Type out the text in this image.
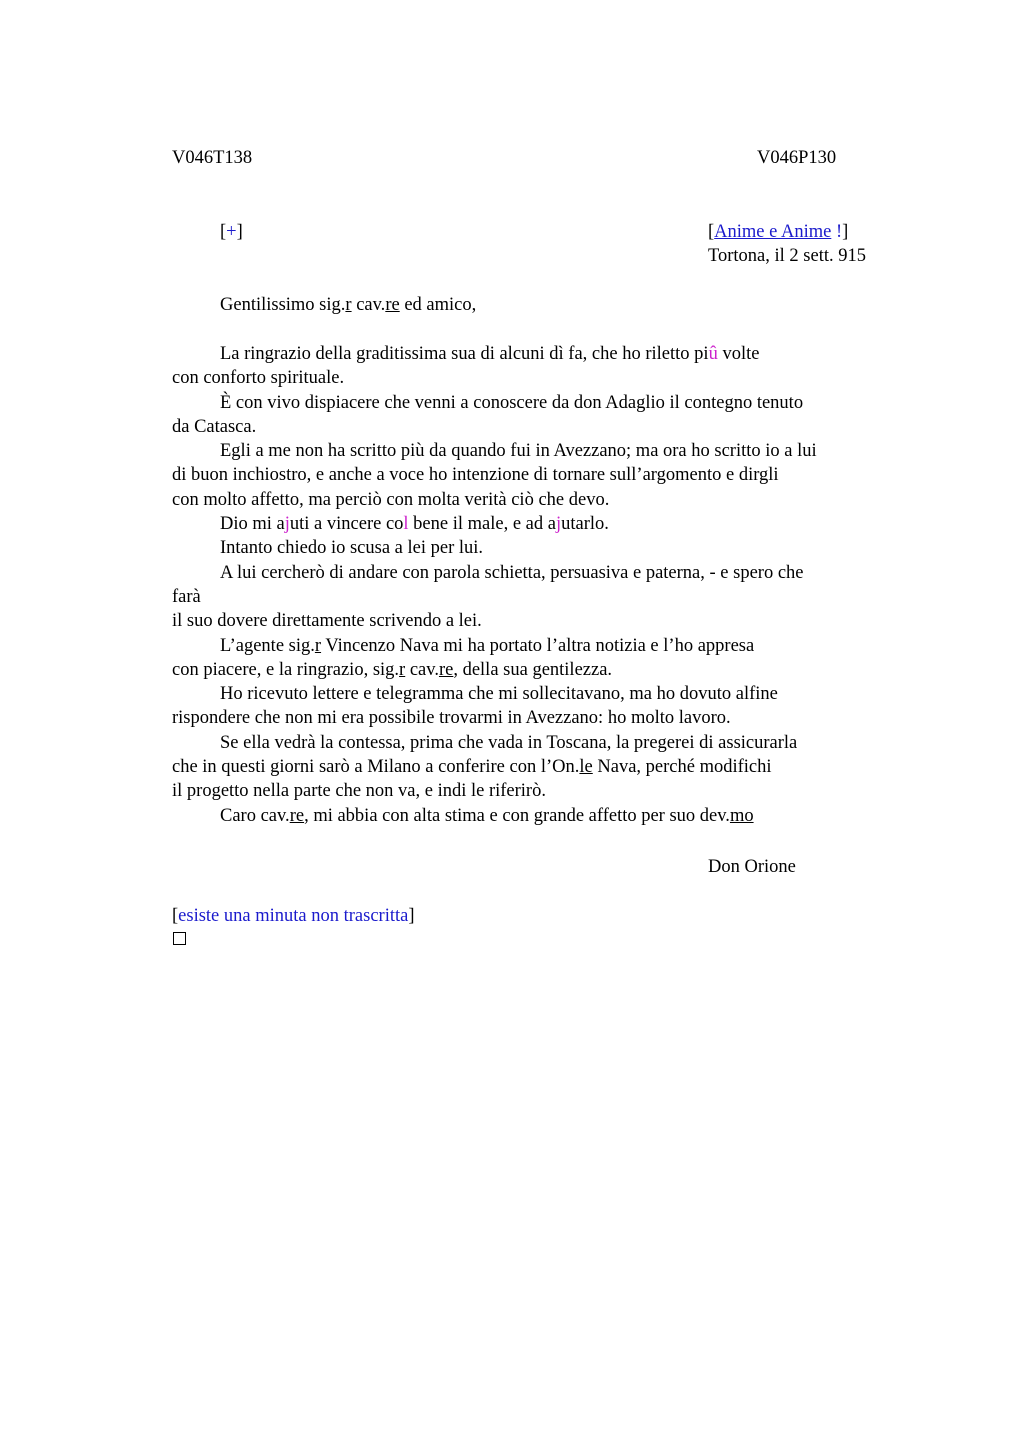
V046T138	V046P130
[+]	[Anime e Anime !]
Tortona, il 2 sett. 915
Gentilissimo sig.r cav.re ed amico,

La ringrazio della graditissima sua di alcuni dì fa, che ho riletto piû volte
con conforto spirituale.

È con vivo dispiacere che venni a conoscere da don Adaglio il contegno tenuto
da Catasca.

Egli a me non ha scritto più da quando fui in Avezzano; ma ora ho scritto io a lui
di buon inchiostro, e anche a voce ho intenzione di tornare sull’argomento e dirgli
con molto affetto, ma perciò con molta verità ciò che devo.

Dio mi ajuti a vincere col bene il male, e ad ajutarlo.

Intanto chiedo io scusa a lei per lui.

A lui cercherò di andare con parola schietta, persuasiva e paterna, - e spero che
farà
il suo dovere direttamente scrivendo a lei.

L’agente sig.r Vincenzo Nava mi ha portato l’altra notizia e l’ho appresa
con piacere, e la ringrazio, sig.r cav.re, della sua gentilezza.

Ho ricevuto lettere e telegramma che mi sollecitavano, ma ho dovuto alfine
rispondere che non mi era possibile trovarmi in Avezzano: ho molto lavoro.

Se ella vedrà la contessa, prima che vada in Toscana, la pregerei di assicurarla
che in questi giorni sarò a Milano a conferire con l’On.le Nava, perché modifichi
il progetto nella parte che non va, e indi le riferirò.

Caro cav.re, mi abbia con alta stima e con grande affetto per suo dev.mo

Don Orione
[esiste una minuta non trascritta]
